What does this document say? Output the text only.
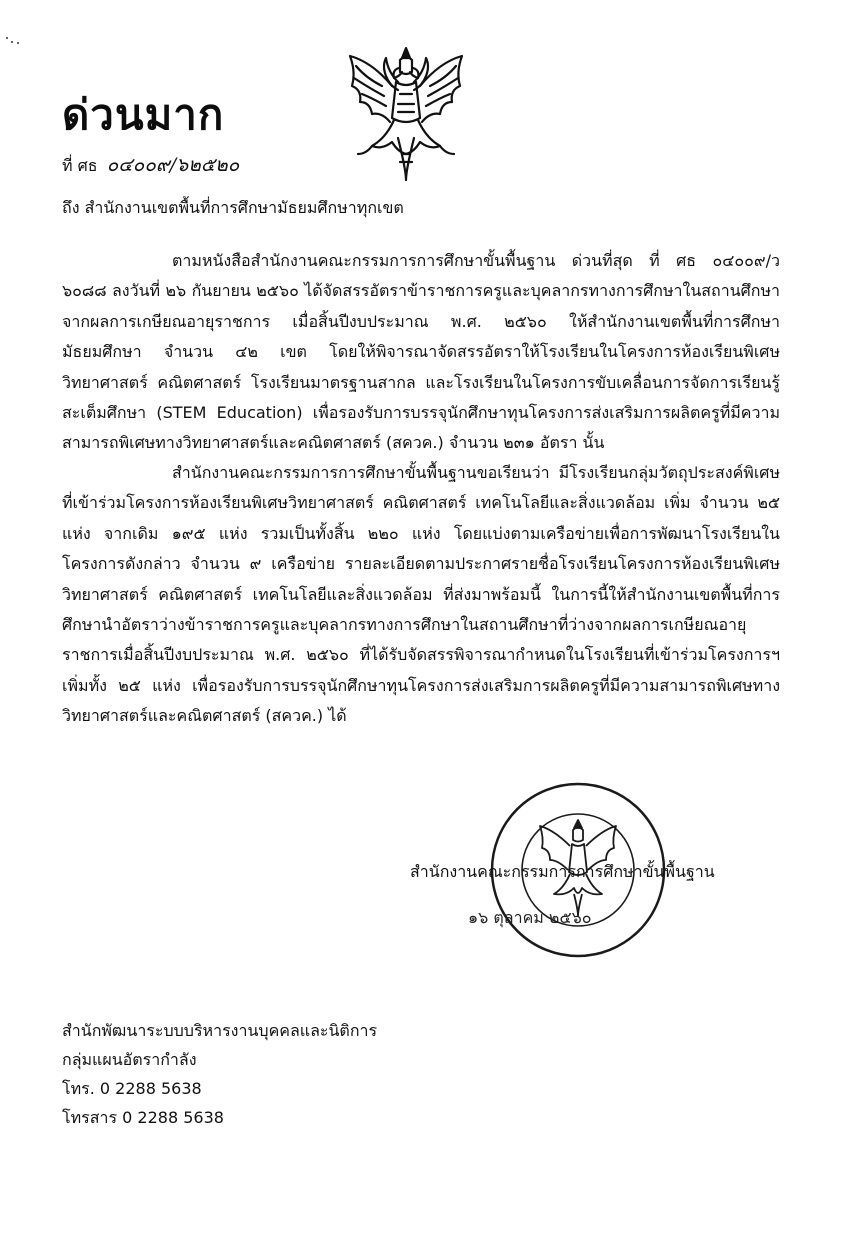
ด่วนมาก
ที่ ศธ ๐๔๐๐๙/๖๒๕๒๐
ถึง สำนักงานเขตพื้นที่การศึกษามัธยมศึกษาทุกเขต
ตามหนังสือสำนักงานคณะกรรมการการศึกษาขั้นพื้นฐาน ด่วนที่สุด ที่ ศธ ๐๔๐๐๙/ว ๖๐๘๘ ลงวันที่ ๒๖ กันยายน ๒๕๖๐ ได้จัดสรรอัตราข้าราชการครูและบุคลากรทางการศึกษาในสถานศึกษาจากผลการเกษียณอายุราชการ เมื่อสิ้นปีงบประมาณ พ.ศ. ๒๕๖๐ ให้สำนักงานเขตพื้นที่การศึกษามัธยมศึกษา จำนวน ๔๒ เขต โดยให้พิจารณาจัดสรรอัตราให้โรงเรียนในโครงการห้องเรียนพิเศษวิทยาศาสตร์ คณิตศาสตร์ โรงเรียนมาตรฐานสากล และโรงเรียนในโครงการขับเคลื่อนการจัดการเรียนรู้สะเต็มศึกษา (STEM Education) เพื่อรองรับการบรรจุนักศึกษาทุนโครงการส่งเสริมการผลิตครูที่มีความสามารถพิเศษทางวิทยาศาสตร์และคณิตศาสตร์ (สควค.) จำนวน ๒๓๑ อัตรา นั้น
สำนักงานคณะกรรมการการศึกษาขั้นพื้นฐานขอเรียนว่า มีโรงเรียนกลุ่มวัตถุประสงค์พิเศษที่เข้าร่วมโครงการห้องเรียนพิเศษวิทยาศาสตร์ คณิตศาสตร์ เทคโนโลยีและสิ่งแวดล้อม เพิ่ม จำนวน ๒๕ แห่ง จากเดิม ๑๙๕ แห่ง รวมเป็นทั้งสิ้น ๒๒๐ แห่ง โดยแบ่งตามเครือข่ายเพื่อการพัฒนาโรงเรียนในโครงการดังกล่าว จำนวน ๙ เครือข่าย รายละเอียดตามประกาศรายชื่อโรงเรียนโครงการห้องเรียนพิเศษวิทยาศาสตร์ คณิตศาสตร์ เทคโนโลยีและสิ่งแวดล้อม ที่ส่งมาพร้อมนี้ ในการนี้ให้สำนักงานเขตพื้นที่การศึกษานำอัตราว่างข้าราชการครูและบุคลากรทางการศึกษาในสถานศึกษาที่ว่างจากผลการเกษียณอายุราชการเมื่อสิ้นปีงบประมาณ พ.ศ. ๒๕๖๐ ที่ได้รับจัดสรรพิจารณากำหนดในโรงเรียนที่เข้าร่วมโครงการฯ เพิ่มทั้ง ๒๕ แห่ง เพื่อรองรับการบรรจุนักศึกษาทุนโครงการส่งเสริมการผลิตครูที่มีความสามารถพิเศษทางวิทยาศาสตร์และคณิตศาสตร์ (สควค.) ได้
สำนักงานคณะกรรมการการศึกษาขั้นพื้นฐาน
๑๖ ตุลาคม ๒๕๖๐
สำนักพัฒนาระบบบริหารงานบุคคลและนิติการ
กลุ่มแผนอัตรากำลัง
โทร. 0 2288 5638
โทรสาร 0 2288 5638
